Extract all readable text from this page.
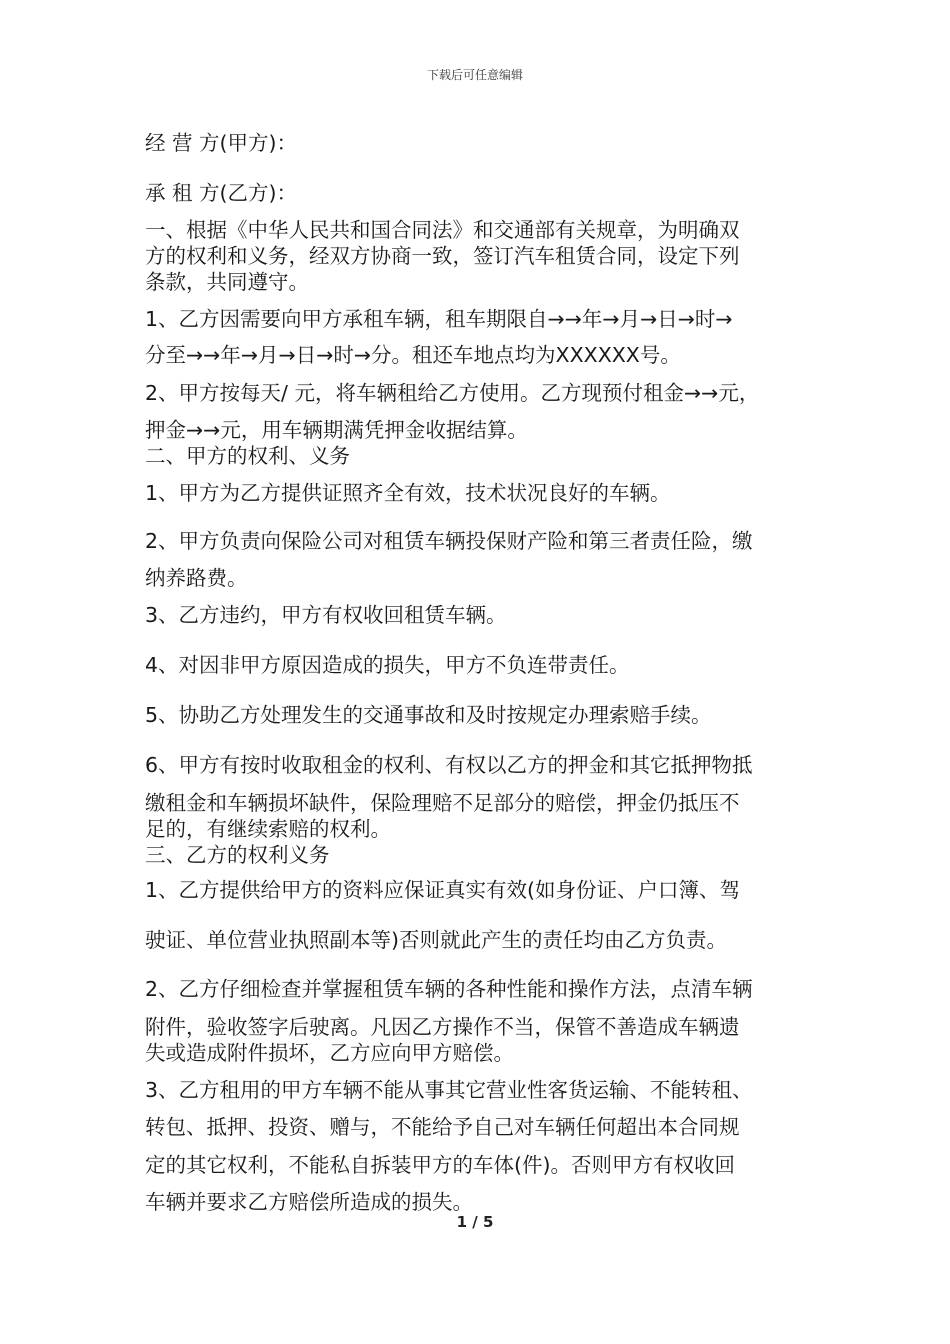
下载后可任意编辑
经 营 方(甲方)：
承 租 方(乙方)：
一、根据《中华人民共和国合同法》和交通部有关规章，为明确双
方的权利和义务，经双方协商一致，签订汽车租赁合同，设定下列
条款，共同遵守。
1、乙方因需要向甲方承租车辆，租车期限自→→年→月→日→时→
分至→→年→月→日→时→分。租还车地点均为XXXXXX号。
2、甲方按每天/ 元，将车辆租给乙方使用。乙方现预付租金→→元，
押金→→元，用车辆期满凭押金收据结算。
二、甲方的权利、义务
1、甲方为乙方提供证照齐全有效，技术状况良好的车辆。
2、甲方负责向保险公司对租赁车辆投保财产险和第三者责任险，缴
纳养路费。
3、乙方违约，甲方有权收回租赁车辆。
4、对因非甲方原因造成的损失，甲方不负连带责任。
5、协助乙方处理发生的交通事故和及时按规定办理索赔手续。
6、甲方有按时收取租金的权利、有权以乙方的押金和其它抵押物抵
缴租金和车辆损坏缺件，保险理赔不足部分的赔偿，押金仍抵压不
足的，有继续索赔的权利。
三、乙方的权利义务
1、乙方提供给甲方的资料应保证真实有效(如身份证、户口簿、驾
驶证、单位营业执照副本等)否则就此产生的责任均由乙方负责。
2、乙方仔细检查并掌握租赁车辆的各种性能和操作方法，点清车辆
附件，验收签字后驶离。凡因乙方操作不当，保管不善造成车辆遗
失或造成附件损坏，乙方应向甲方赔偿。
3、乙方租用的甲方车辆不能从事其它营业性客货运输、不能转租、
转包、抵押、投资、赠与，不能给予自己对车辆任何超出本合同规
定的其它权利，不能私自拆装甲方的车体(件)。否则甲方有权收回
车辆并要求乙方赔偿所造成的损失。
1 / 5
